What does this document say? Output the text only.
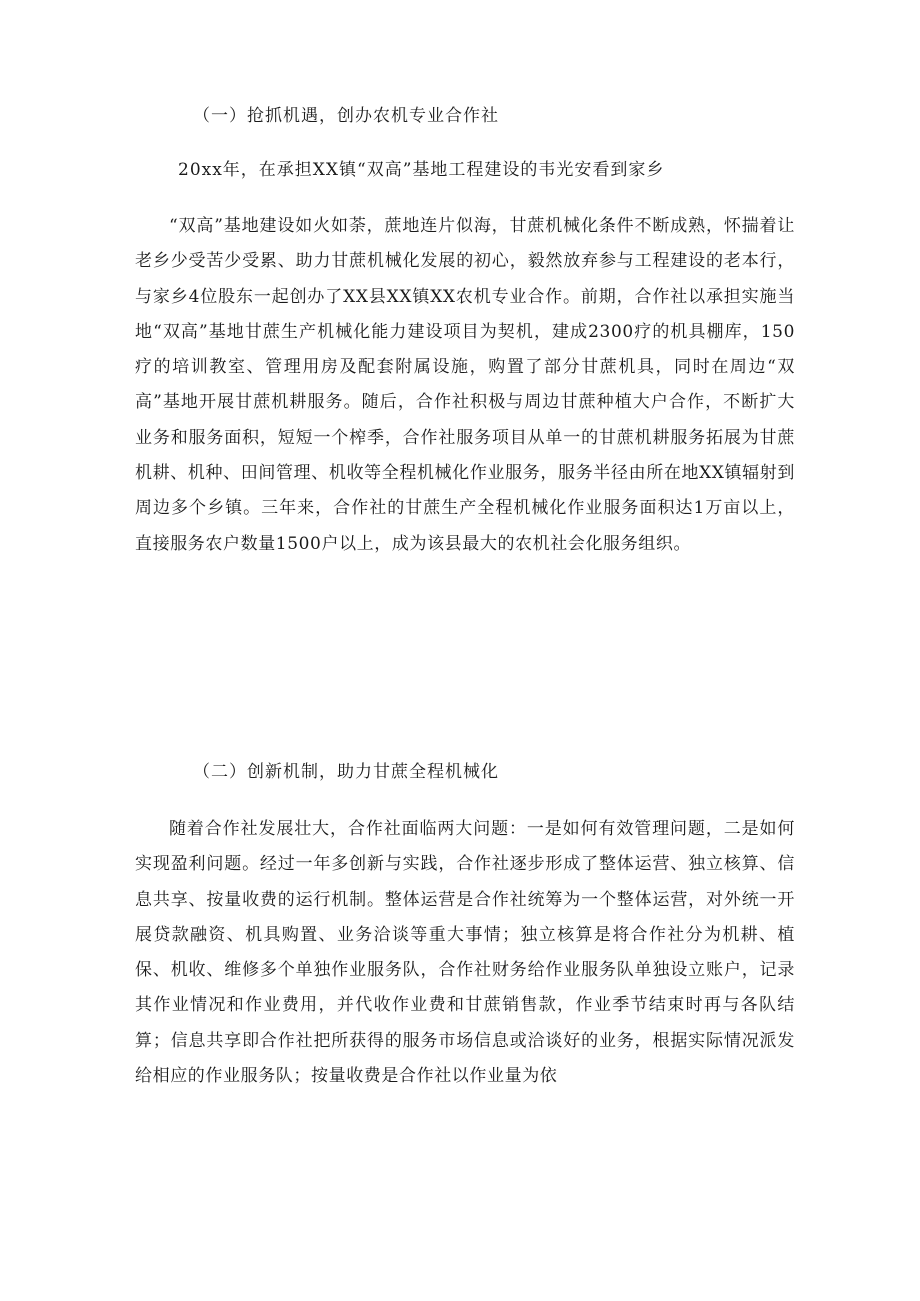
（一）抢抓机遇，创办农机专业合作社
20xx年，在承担XX镇“双高”基地工程建设的韦光安看到家乡

“双高”基地建设如火如荼，蔗地连片似海，甘蔗机械化条件不断成熟，怀揣着让老乡少受苦少受累、助力甘蔗机械化发展的初心，毅然放弃参与工程建设的老本行，与家乡4位股东一起创办了XX县XX镇XX农机专业合作。前期，合作社以承担实施当地“双高”基地甘蔗生产机械化能力建设项目为契机，建成2300疗的机具棚库，150疗的培训教室、管理用房及配套附属设施，购置了部分甘蔗机具，同时在周边“双高”基地开展甘蔗机耕服务。随后，合作社积极与周边甘蔗种植大户合作，不断扩大业务和服务面积，短短一个榨季，合作社服务项目从单一的甘蔗机耕服务拓展为甘蔗机耕、机种、田间管理、机收等全程机械化作业服务，服务半径由所在地XX镇辐射到周边多个乡镇。三年来，合作社的甘蔗生产全程机械化作业服务面积达1万亩以上，直接服务农户数量1500户以上，成为该县最大的农机社会化服务组织。

（二）创新机制，助力甘蔗全程机械化

随着合作社发展壮大，合作社面临两大问题：一是如何有效管理问题，二是如何实现盈利问题。经过一年多创新与实践，合作社逐步形成了整体运营、独立核算、信息共享、按量收费的运行机制。整体运营是合作社统筹为一个整体运营，对外统一开展贷款融资、机具购置、业务洽谈等重大事情；独立核算是将合作社分为机耕、植保、机收、维修多个单独作业服务队，合作社财务给作业服务队单独设立账户，记录其作业情况和作业费用，并代收作业费和甘蔗销售款，作业季节结束时再与各队结算；信息共享即合作社把所获得的服务市场信息或洽谈好的业务，根据实际情况派发给相应的作业服务队；按量收费是合作社以作业量为依
